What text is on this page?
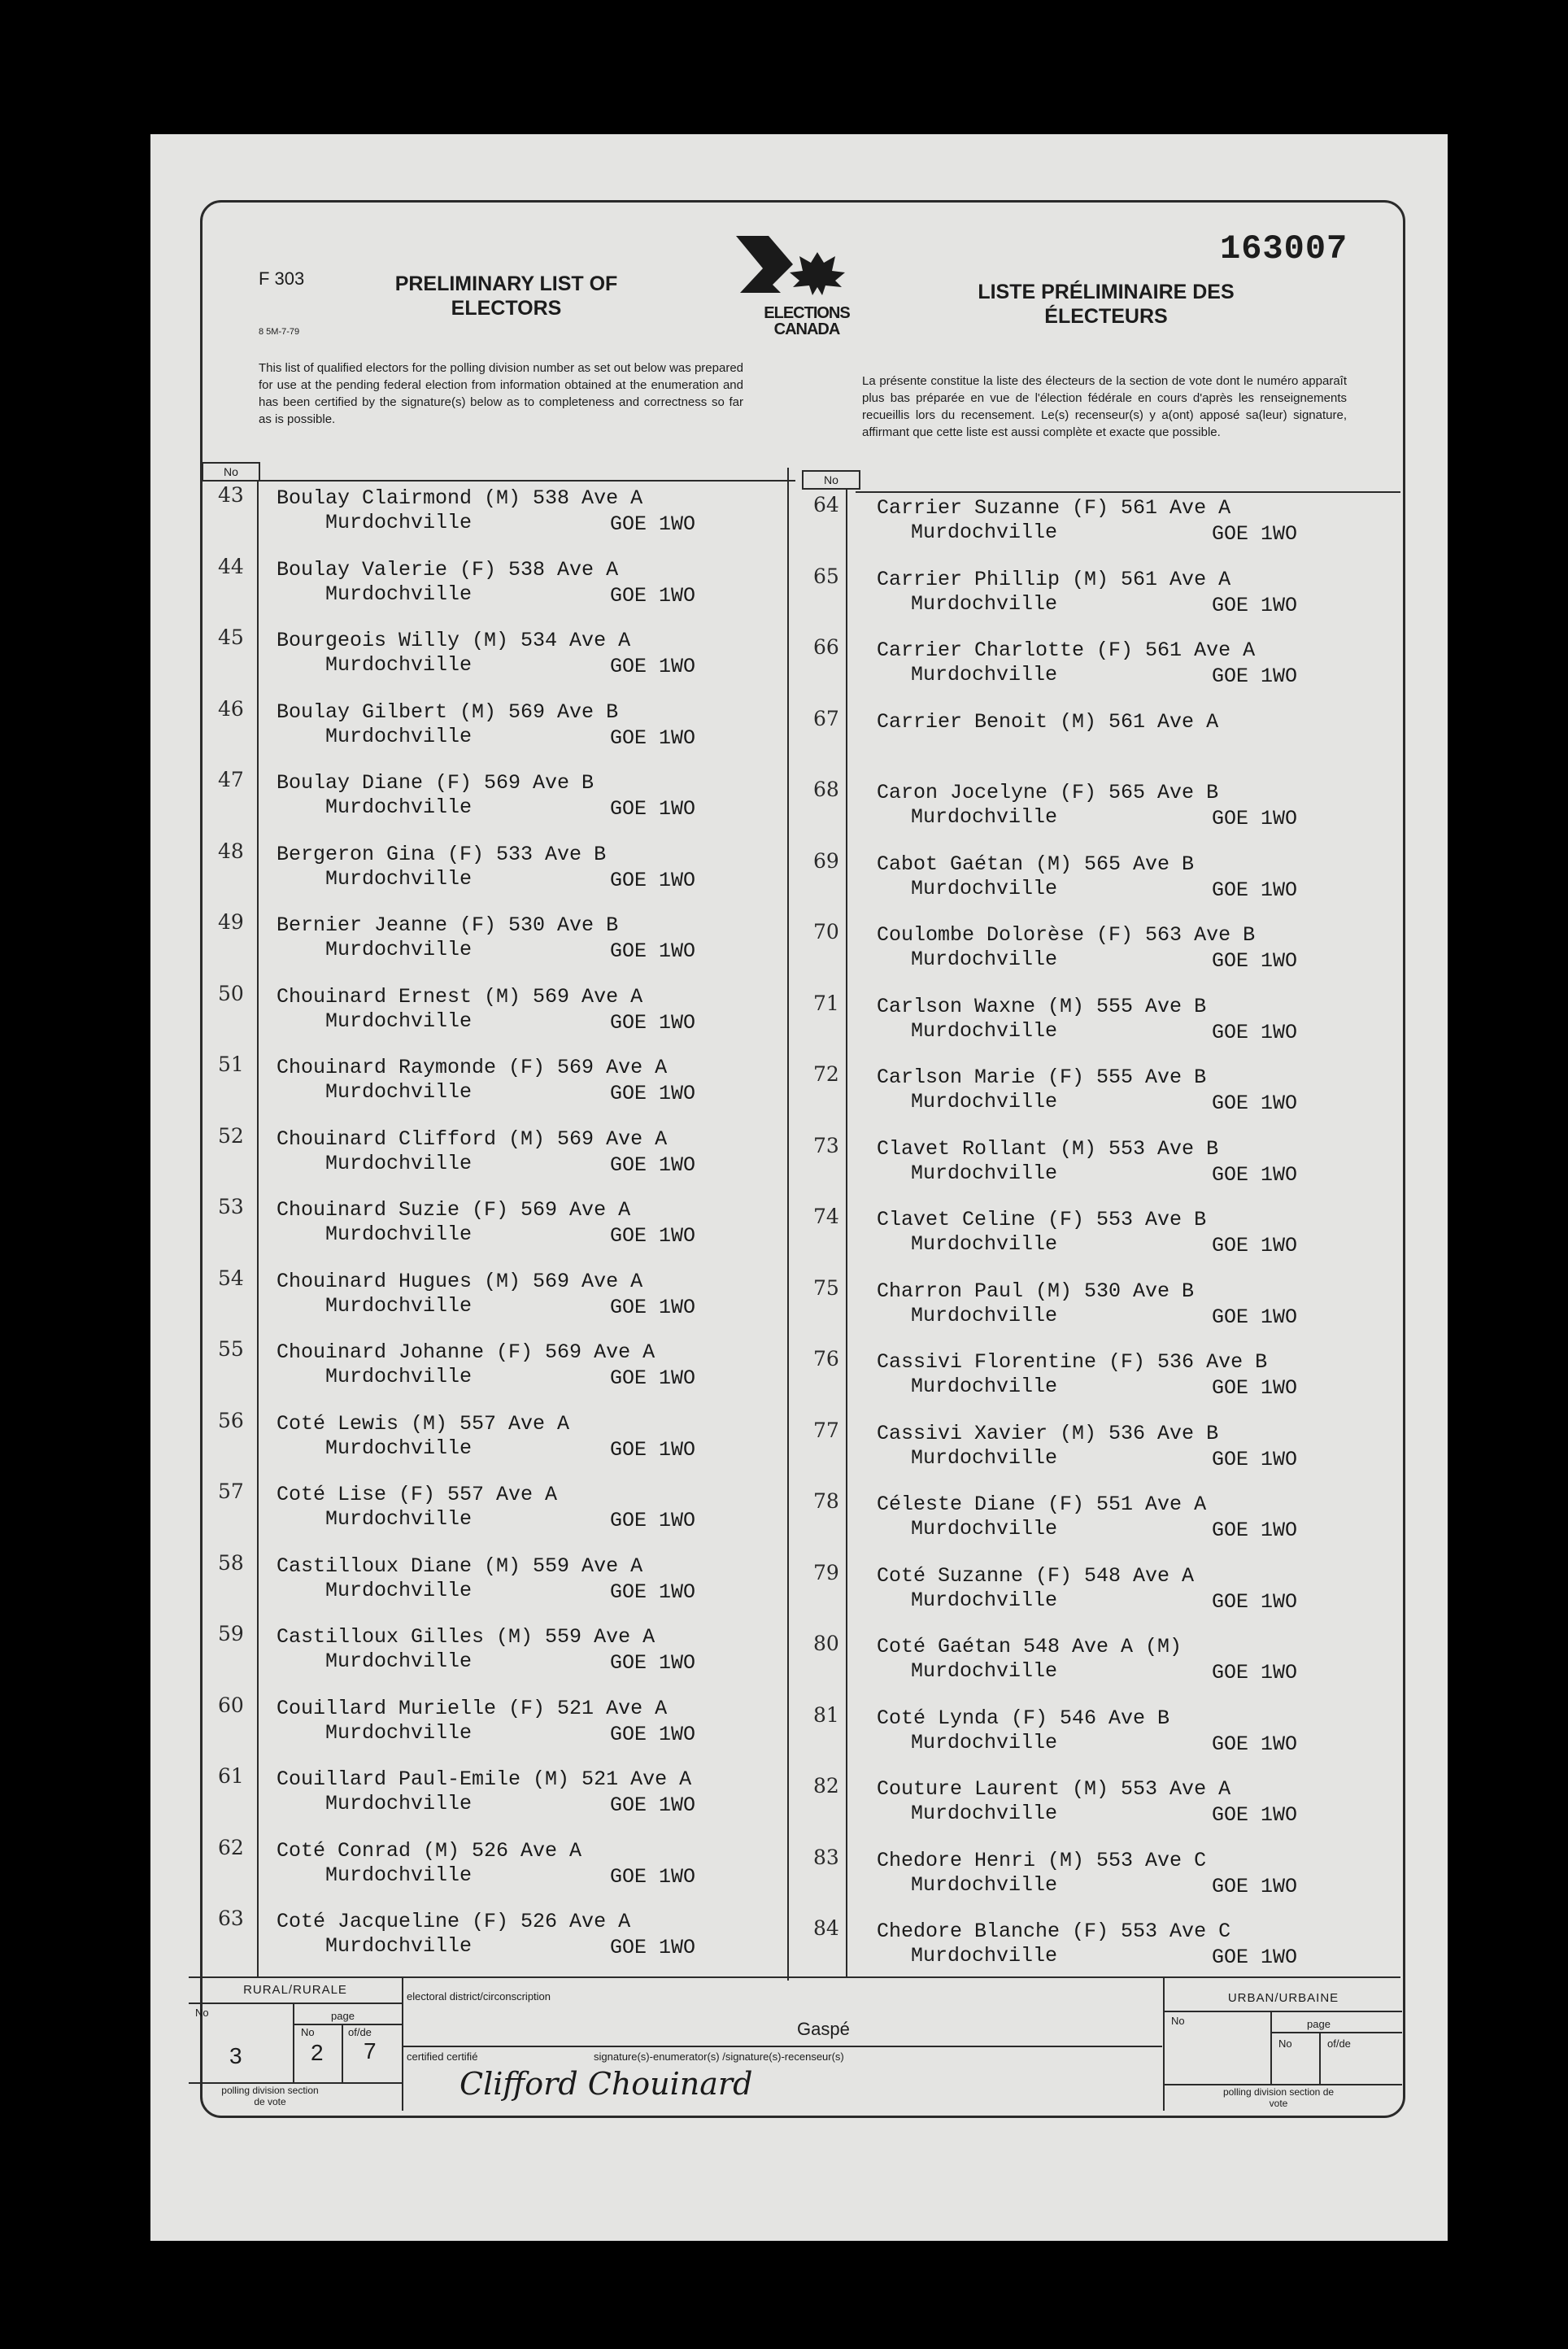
163007
F 303
8 5M-7-79
PRELIMINARY LIST OF ELECTORS
LISTE PRÉLIMINAIRE DES ÉLECTEURS
ELECTIONS
CANADA
This list of qualified electors for the polling division number as set out below was prepared for use at the pending federal election from information obtained at the enumeration and has been certified by the signature(s) below as to completeness and correctness so far as is possible.
La présente constitue la liste des électeurs de la section de vote dont le numéro apparaît plus bas préparée en vue de l'élection fédérale en cours d'après les renseignements recueillis lors du recensement. Le(s) recenseur(s) y a(ont) apposé sa(leur) signature, affirmant que cette liste est aussi complète et exacte que possible.
No
No
43 Boulay Clairmond (M) 538 Ave A
Murdochville	GOE 1WO
44 Boulay Valerie (F) 538 Ave A
Murdochville	GOE 1WO
45 Bourgeois Willy (M) 534 Ave A
Murdochville	GOE 1WO
46 Boulay Gilbert (M) 569 Ave B
Murdochville	GOE 1WO
47 Boulay Diane (F) 569 Ave B
Murdochville	GOE 1WO
48 Bergeron Gina (F) 533 Ave B
Murdochville	GOE 1WO
49 Bernier Jeanne (F) 530 Ave B
Murdochville	GOE 1WO
50 Chouinard Ernest (M) 569 Ave A
Murdochville	GOE 1WO
51 Chouinard Raymonde (F) 569 Ave A
Murdochville	GOE 1WO
52 Chouinard Clifford (M) 569 Ave A
Murdochville	GOE 1WO
53 Chouinard Suzie (F) 569 Ave A
Murdochville	GOE 1WO
54 Chouinard Hugues (M) 569 Ave A
Murdochville	GOE 1WO
55 Chouinard Johanne (F) 569 Ave A
Murdochville	GOE 1WO
56 Coté Lewis (M) 557 Ave A
Murdochville	GOE 1WO
57 Coté Lise (F) 557 Ave A
Murdochville	GOE 1WO
58 Castilloux Diane (M) 559 Ave A
Murdochville	GOE 1WO
59 Castilloux Gilles (M) 559 Ave A
Murdochville	GOE 1WO
60 Couillard Murielle (F) 521 Ave A
Murdochville	GOE 1WO
61 Couillard Paul-Emile (M) 521 Ave A
Murdochville	GOE 1WO
62 Coté Conrad (M) 526 Ave A
Murdochville	GOE 1WO
63 Coté Jacqueline (F) 526 Ave A
Murdochville	GOE 1WO
64 Carrier Suzanne (F) 561 Ave A
Murdochville	GOE 1WO
65 Carrier Phillip (M) 561 Ave A
Murdochville	GOE 1WO
66 Carrier Charlotte (F) 561 Ave A
Murdochville	GOE 1WO
67 Carrier Benoit (M) 561 Ave A
68 Caron Jocelyne (F) 565 Ave B
Murdochville	GOE 1WO
69 Cabot Gaétan (M) 565 Ave B
Murdochville	GOE 1WO
70 Coulombe Dolorèse (F) 563 Ave B
Murdochville	GOE 1WO
71 Carlson Waxne (M) 555 Ave B
Murdochville	GOE 1WO
72 Carlson Marie (F) 555 Ave B
Murdochville	GOE 1WO
73 Clavet Rollant (M) 553 Ave B
Murdochville	GOE 1WO
74 Clavet Celine (F) 553 Ave B
Murdochville	GOE 1WO
75 Charron Paul (M) 530 Ave B
Murdochville	GOE 1WO
76 Cassivi Florentine (F) 536 Ave B
Murdochville	GOE 1WO
77 Cassivi Xavier (M) 536 Ave B
Murdochville	GOE 1WO
78 Céleste Diane (F) 551 Ave A
Murdochville	GOE 1WO
79 Coté Suzanne (F) 548 Ave A
Murdochville	GOE 1WO
80 Coté Gaétan 548 Ave A (M)
Murdochville	GOE 1WO
81 Coté Lynda (F) 546 Ave B
Murdochville	GOE 1WO
82 Couture Laurent (M) 553 Ave A
Murdochville	GOE 1WO
83 Chedore Henri (M) 553 Ave C
Murdochville	GOE 1WO
84 Chedore Blanche (F) 553 Ave C
Murdochville	GOE 1WO
RURAL/RURALE
No	page
No	of/de
3	2 7
polling division section de vote
electoral district/circonscription
Gaspé
certified certifié	signature(s)-enumerator(s) /signature(s)-recenseur(s)
Clifford Chouinard
URBAN/URBAINE
No	page
No	of/de
polling division section de vote
